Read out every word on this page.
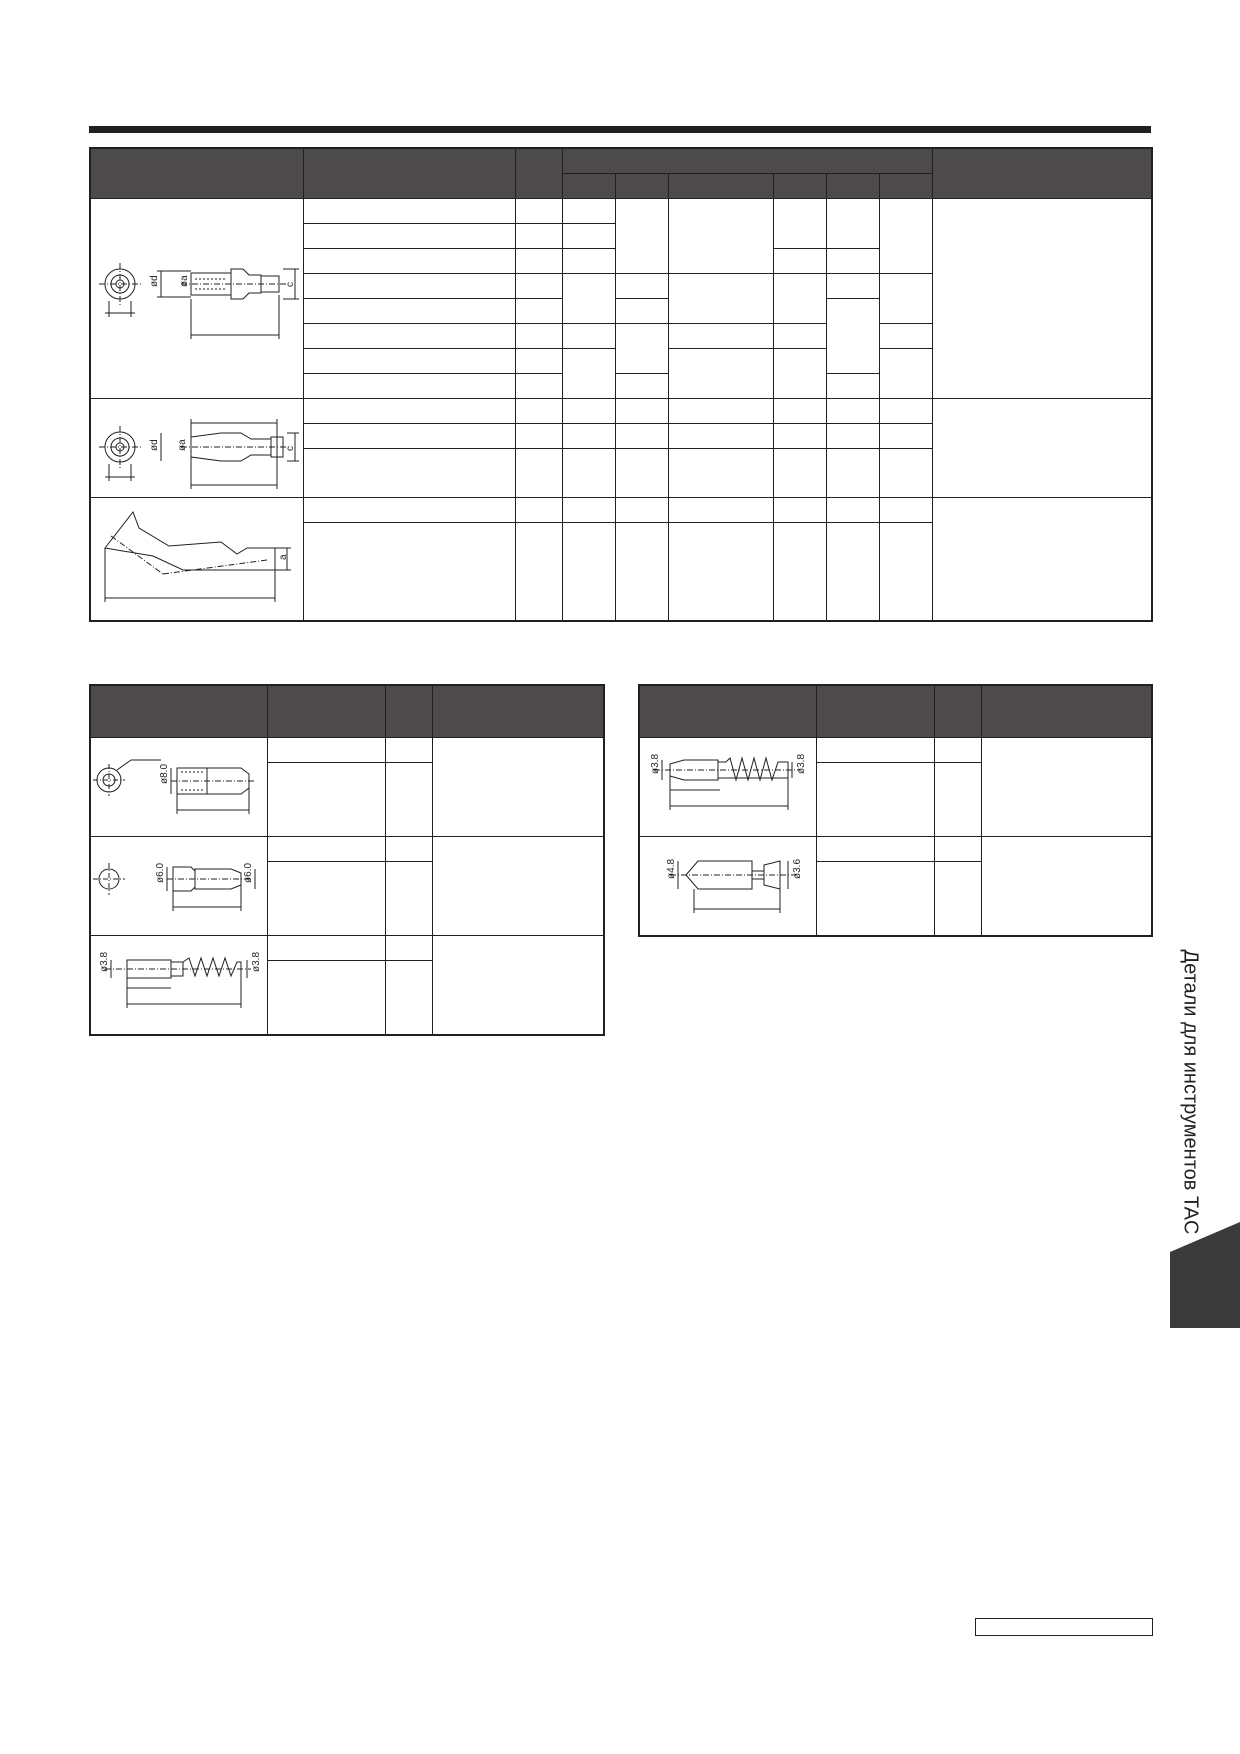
ød øa c									

ød øa c									

a									

ø8.0			

ø6.0 ø6.0			

ø3.8 ø3.8			

ø3.8 ø3.8			

ø4.8 ø3.6			

Детали для инструментов TAC
